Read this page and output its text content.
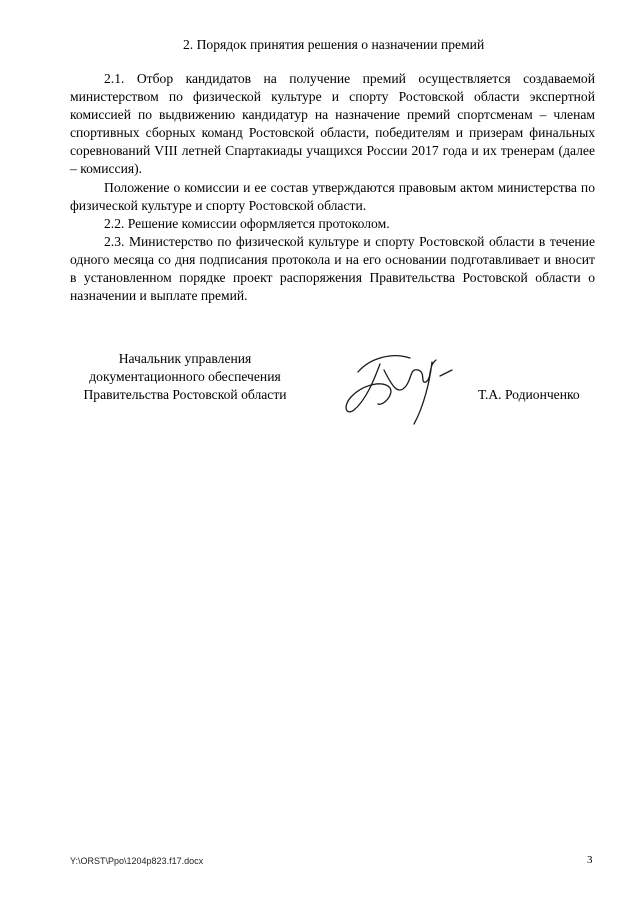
2. Порядок принятия решения о назначении премий

2.1. Отбор кандидатов на получение премий осуществляется создаваемой министерством по физической культуре и спорту Ростовской области экспертной комиссией по выдвижению кандидатур на назначение премий спортсменам – членам спортивных сборных команд Ростовской области, победителям и призерам финальных соревнований VIII летней Спартакиады учащихся России 2017 года и их тренерам (далее – комиссия).

Положение о комиссии и ее состав утверждаются правовым актом министерства по физической культуре и спорту Ростовской области.

2.2. Решение комиссии оформляется протоколом.

2.3. Министерство по физической культуре и спорту Ростовской области в течение одного месяца со дня подписания протокола и на его основании подготавливает и вносит в установленном порядке проект распоряжения Правительства Ростовской области о назначении и выплате премий.

Начальник управления
документационного обеспечения
Правительства Ростовской области	Т.А. Родионченко
Y:\ORST\Ppo\1204p823.f17.docx	3
